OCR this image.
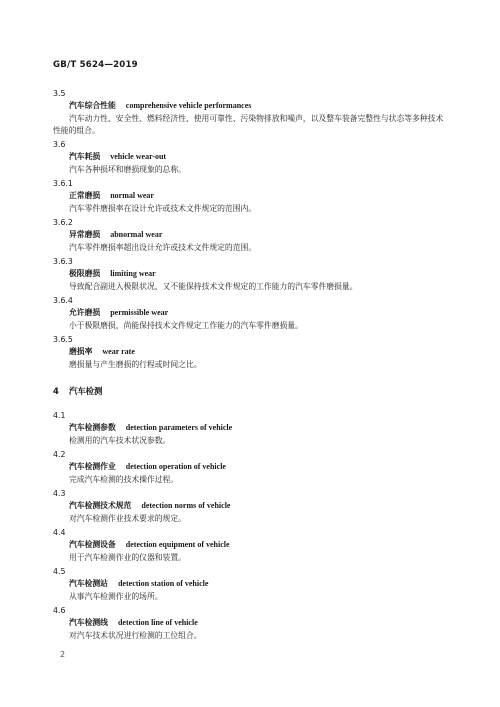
GB/T 5624—2019
3.5
汽车综合性能 comprehensive vehicle performances
汽车动力性、安全性、燃料经济性、使用可靠性、污染物排放和噪声，以及整车装备完整性与状态等多种技术性能的组合。
3.6
汽车耗损 vehicle wear-out
汽车各种损坏和磨损现象的总称。
3.6.1
正常磨损 normal wear
汽车零件磨损率在设计允许或技术文件规定的范围内。
3.6.2
异常磨损 abnormal wear
汽车零件磨损率超出设计允许或技术文件规定的范围。
3.6.3
极限磨损 limiting wear
导致配合副进入极限状况，又不能保持技术文件规定的工作能力的汽车零件磨损量。
3.6.4
允许磨损 permissible wear
小于极限磨损，尚能保持技术文件规定工作能力的汽车零件磨损量。
3.6.5
磨损率 wear rate
磨损量与产生磨损的行程或时间之比。
4 汽车检测
4.1
汽车检测参数 detection parameters of vehicle
检测用的汽车技术状况参数。
4.2
汽车检测作业 detection operation of vehicle
完成汽车检测的技术操作过程。
4.3
汽车检测技术规范 detection norms of vehicle
对汽车检测作业技术要求的规定。
4.4
汽车检测设备 detection equipment of vehicle
用于汽车检测作业的仪器和装置。
4.5
汽车检测站 detection station of vehicle
从事汽车检测作业的场所。
4.6
汽车检测线 detection line of vehicle
对汽车技术状况进行检测的工位组合。
2
